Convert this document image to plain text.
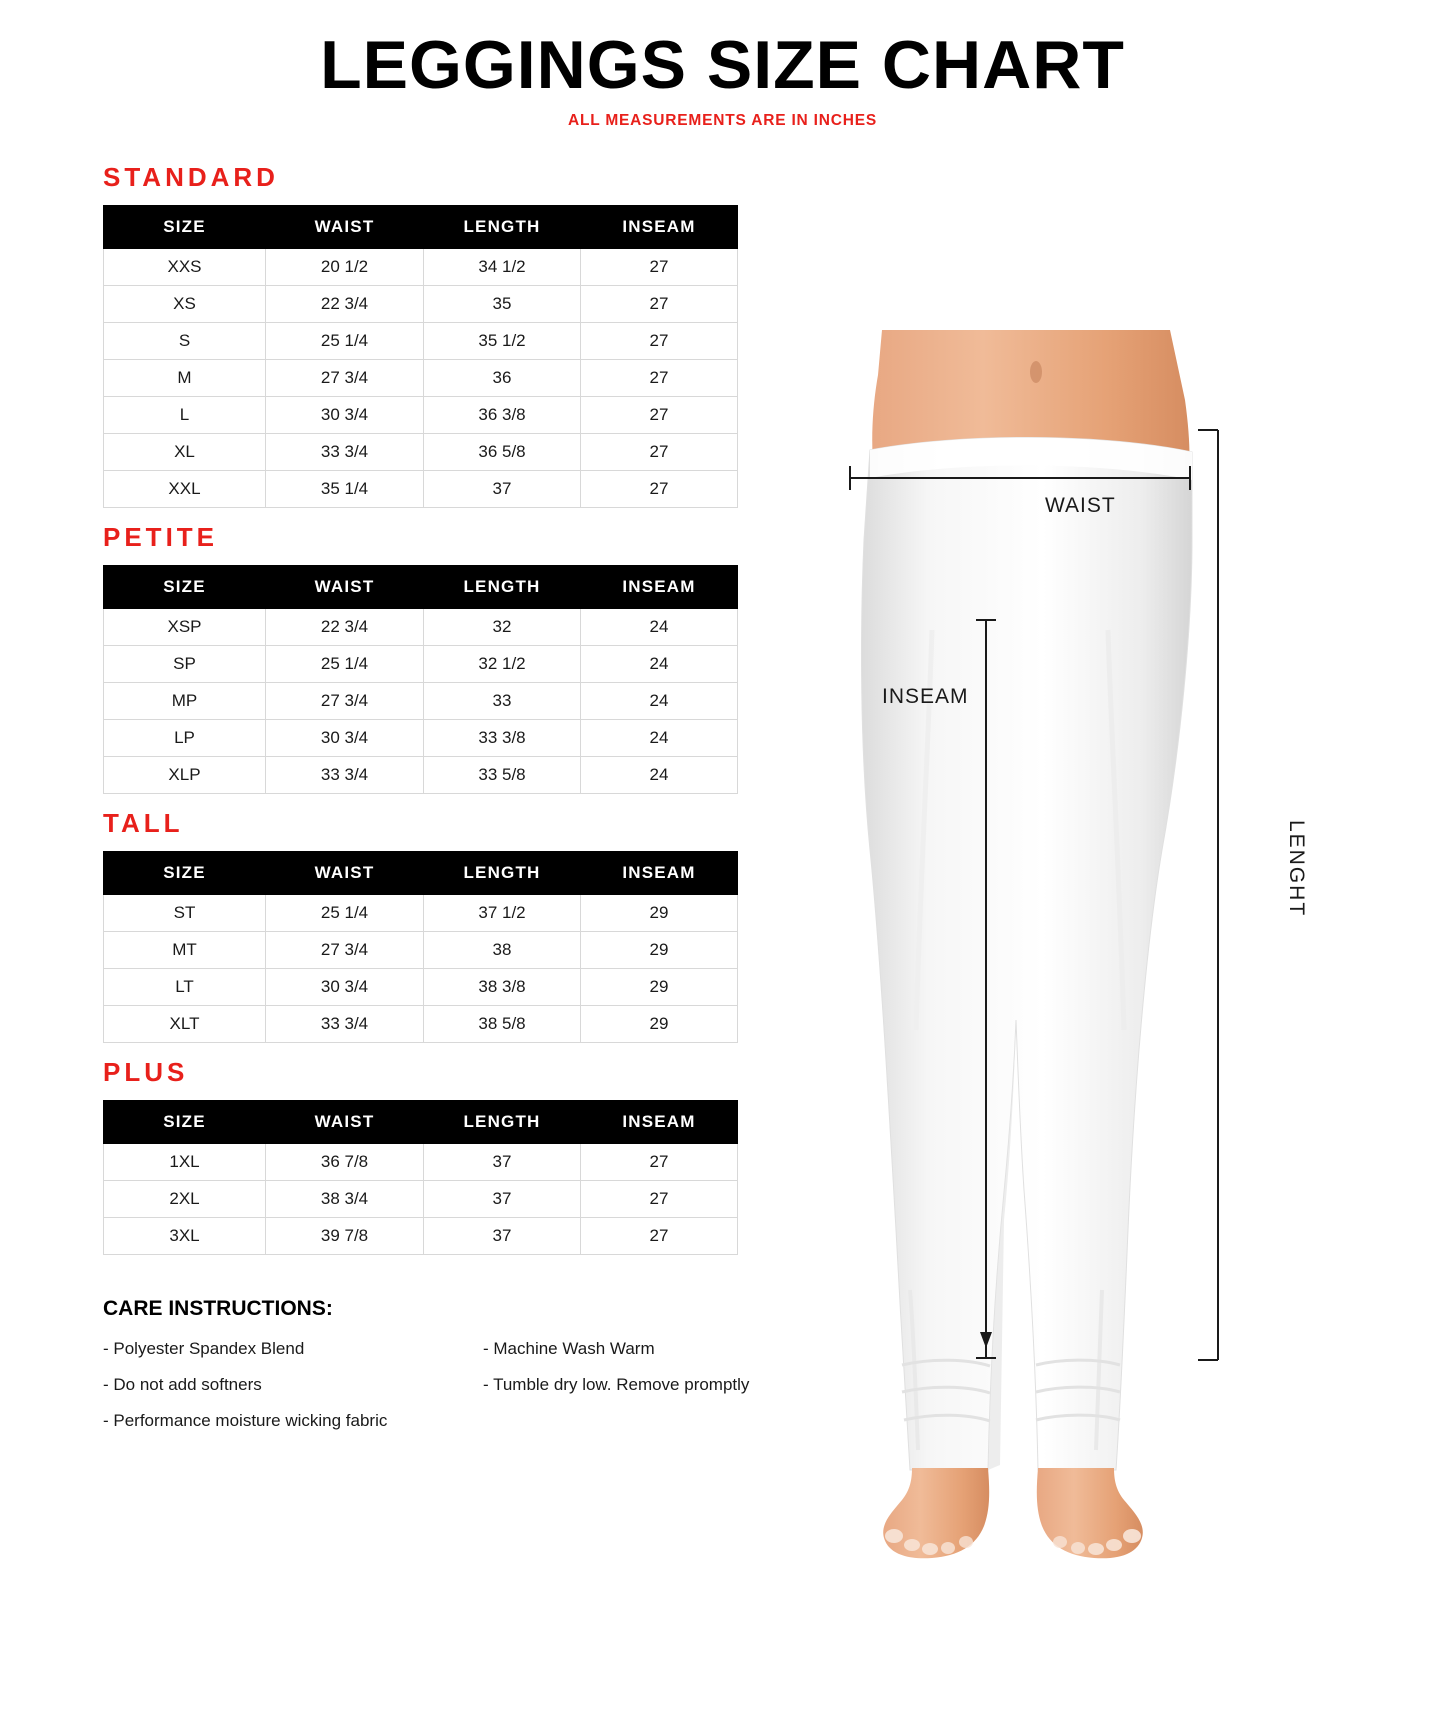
LEGGINGS SIZE CHART

ALL MEASUREMENTS ARE IN INCHES

STANDARD
SIZE	WAIST	LENGTH	INSEAM
XXS	20 1/2	34 1/2	27
XS	22 3/4	35	27
S	25 1/4	35 1/2	27
M	27 3/4	36	27
L	30 3/4	36 3/8	27
XL	33 3/4	36 5/8	27
XXL	35 1/4	37	27
PETITE
SIZE	WAIST	LENGTH	INSEAM
XSP	22 3/4	32	24
SP	25 1/4	32 1/2	24
MP	27 3/4	33	24
LP	30 3/4	33 3/8	24
XLP	33 3/4	33 5/8	24
TALL
SIZE	WAIST	LENGTH	INSEAM
ST	25 1/4	37 1/2	29
MT	27 3/4	38	29
LT	30 3/4	38 3/8	29
XLT	33 3/4	38 5/8	29
PLUS
SIZE	WAIST	LENGTH	INSEAM
1XL	36 7/8	37	27
2XL	38 3/4	37	27
3XL	39 7/8	37	27
CARE INSTRUCTIONS:
- Polyester Spandex Blend	- Machine Wash Warm
- Do not add softners	- Tumble dry low. Remove promptly
- Performance moisture wicking fabric
WAIST
INSEAM
LENGHT
